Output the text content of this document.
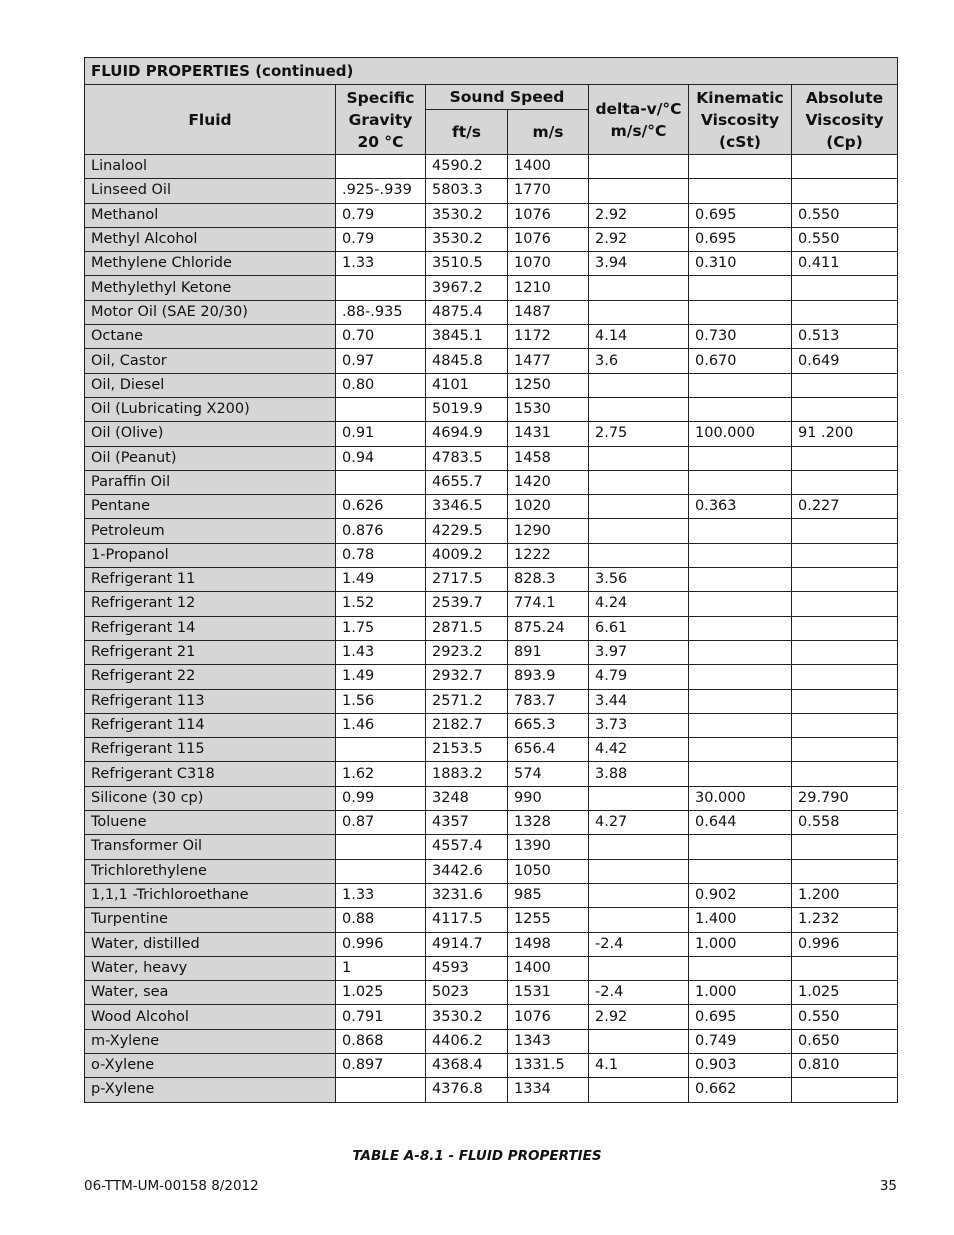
FLUID PROPERTIES (continued)						
Fluid	Specific Gravity 20 °C	Sound Speed		delta-v/°C m/s/°C	Kinematic Viscosity (cSt)	Absolute Viscosity (Cp)
		ft/s	m/s			
Linalool		4590.2	1400			
Linseed Oil	.925-.939	5803.3	1770			
Methanol	0.79	3530.2	1076	2.92	0.695	0.550
Methyl Alcohol	0.79	3530.2	1076	2.92	0.695	0.550
Methylene Chloride	1.33	3510.5	1070	3.94	0.310	0.411
Methylethyl Ketone		3967.2	1210			
Motor Oil (SAE 20/30)	.88-.935	4875.4	1487			
Octane	0.70	3845.1	1172	4.14	0.730	0.513
Oil, Castor	0.97	4845.8	1477	3.6	0.670	0.649
Oil, Diesel	0.80	4101	1250			
Oil (Lubricating X200)		5019.9	1530			
Oil (Olive)	0.91	4694.9	1431	2.75	100.000	91 .200
Oil (Peanut)	0.94	4783.5	1458			
Paraffin Oil		4655.7	1420			
Pentane	0.626	3346.5	1020		0.363	0.227
Petroleum	0.876	4229.5	1290			
1-Propanol	0.78	4009.2	1222			
Refrigerant 11	1.49	2717.5	828.3	3.56		
Refrigerant 12	1.52	2539.7	774.1	4.24		
Refrigerant 14	1.75	2871.5	875.24	6.61		
Refrigerant 21	1.43	2923.2	891	3.97		
Refrigerant 22	1.49	2932.7	893.9	4.79		
Refrigerant 113	1.56	2571.2	783.7	3.44		
Refrigerant 114	1.46	2182.7	665.3	3.73		
Refrigerant 115		2153.5	656.4	4.42		
Refrigerant C318	1.62	1883.2	574	3.88		
Silicone (30 cp)	0.99	3248	990		30.000	29.790
Toluene	0.87	4357	1328	4.27	0.644	0.558
Transformer Oil		4557.4	1390			
Trichlorethylene		3442.6	1050			
1,1,1 -Trichloroethane	1.33	3231.6	985		0.902	1.200
Turpentine	0.88	4117.5	1255		1.400	1.232
Water, distilled	0.996	4914.7	1498	-2.4	1.000	0.996
Water, heavy	1	4593	1400			
Water, sea	1.025	5023	1531	-2.4	1.000	1.025
Wood Alcohol	0.791	3530.2	1076	2.92	0.695	0.550
m-Xylene	0.868	4406.2	1343		0.749	0.650
o-Xylene	0.897	4368.4	1331.5	4.1	0.903	0.810
p-Xylene		4376.8	1334		0.662	
TABLE A-8.1 - FLUID PROPERTIES
06-TTM-UM-00158 8/2012	35
